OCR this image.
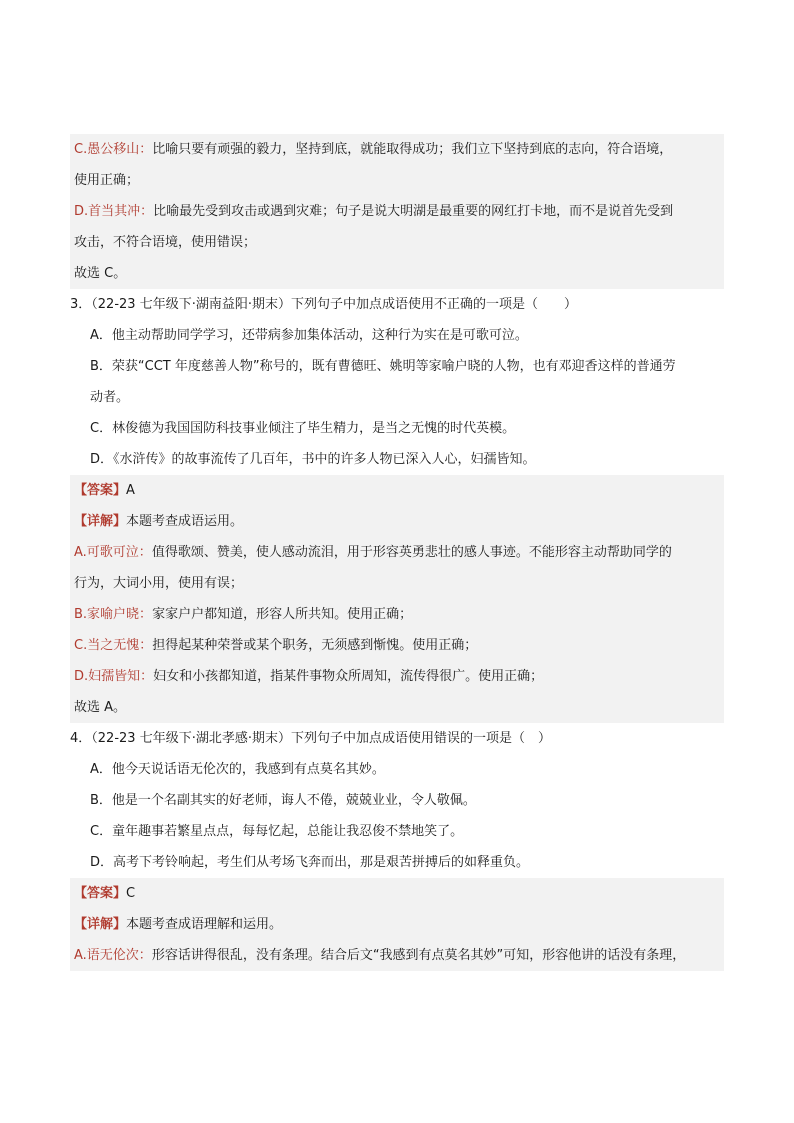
C.愚公移山：比喻只要有顽强的毅力，坚持到底，就能取得成功；我们立下坚持到底的志向，符合语境，
使用正确；
D.首当其冲：比喻最先受到攻击或遇到灾难；句子是说大明湖是最重要的网红打卡地，而不是说首先受到
攻击，不符合语境，使用错误；
故选 C。
3．（22-23 七年级下·湖南益阳·期末）下列句子中加点成语使用不正确的一项是（　　）
A．他主动帮助同学学习，还带病参加集体活动，这种行为实在是可歌可泣。
B．荣获“CCT 年度慈善人物”称号的，既有曹德旺、姚明等家喻户晓的人物，也有邓迎香这样的普通劳
动者。
C．林俊德为我国国防科技事业倾注了毕生精力，是当之无愧的时代英模。
D．《水浒传》的故事流传了几百年，书中的许多人物已深入人心，妇孺皆知。
【答案】A
【详解】本题考查成语运用。
A.可歌可泣：值得歌颂、赞美，使人感动流泪，用于形容英勇悲壮的感人事迹。不能形容主动帮助同学的
行为，大词小用，使用有误；
B.家喻户晓：家家户户都知道，形容人所共知。使用正确；
C.当之无愧：担得起某种荣誉或某个职务，无须感到惭愧。使用正确；
D.妇孺皆知：妇女和小孩都知道，指某件事物众所周知，流传得很广。使用正确；
故选 A。
4．（22-23 七年级下·湖北孝感·期末）下列句子中加点成语使用错误的一项是（　）
A．他今天说话语无伦次的，我感到有点莫名其妙。
B．他是一个名副其实的好老师，诲人不倦，兢兢业业，令人敬佩。
C．童年趣事若繁星点点，每每忆起，总能让我忍俊不禁地笑了。
D．高考下考铃响起，考生们从考场飞奔而出，那是艰苦拼搏后的如释重负。
【答案】C
【详解】本题考查成语理解和运用。
A.语无伦次：形容话讲得很乱，没有条理。结合后文“我感到有点莫名其妙”可知，形容他讲的话没有条理，
